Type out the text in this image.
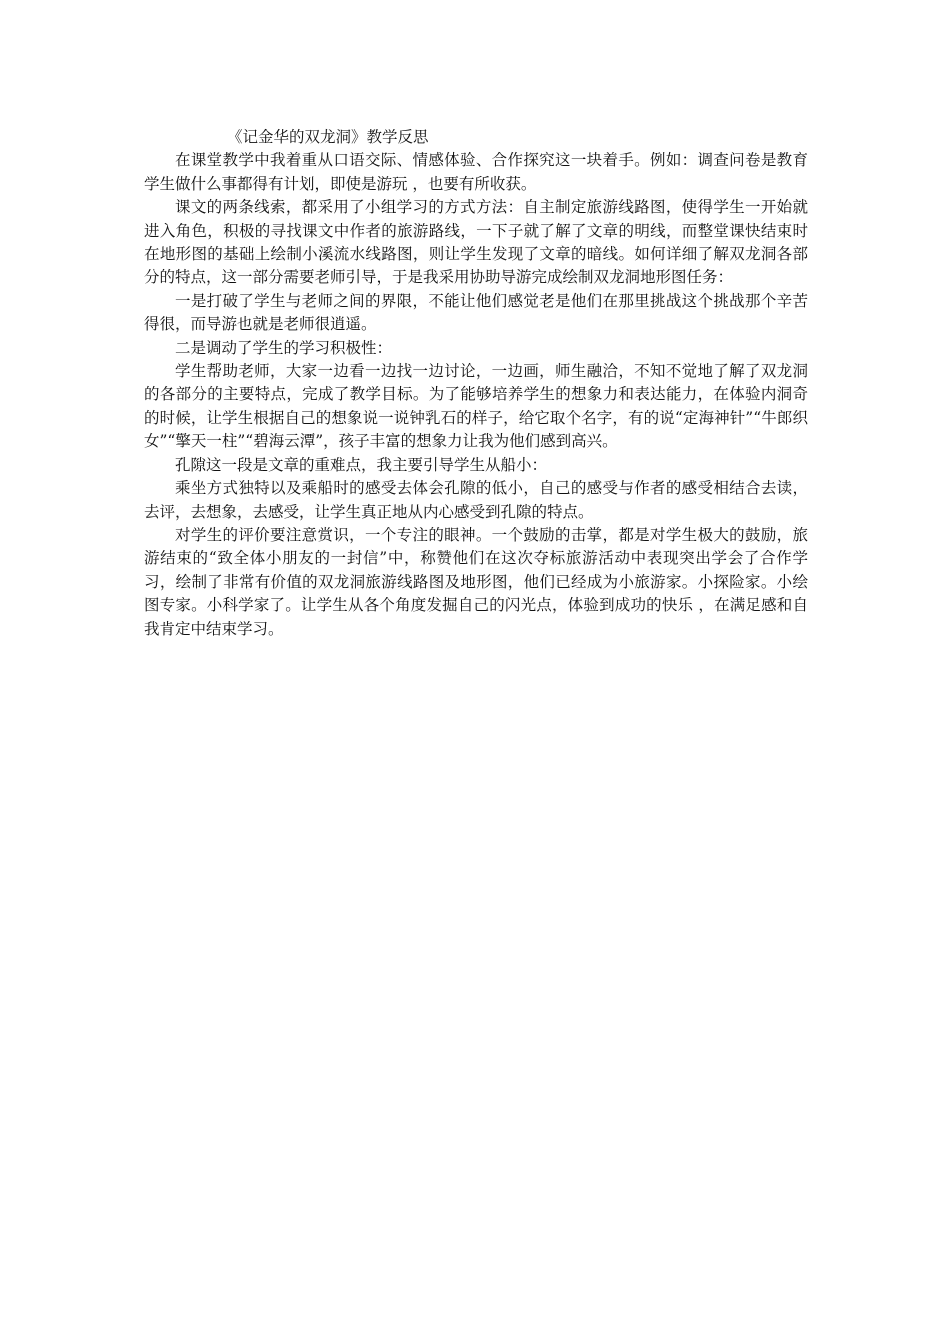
《记金华的双龙洞》教学反思

在课堂教学中我着重从口语交际、情感体验、合作探究这一块着手。例如：调查问卷是教育学生做什么事都得有计划，即使是游玩 ，也要有所收获。

课文的两条线索，都采用了小组学习的方式方法：自主制定旅游线路图，使得学生一开始就进入角色，积极的寻找课文中作者的旅游路线，一下子就了解了文章的明线，而整堂课快结束时在地形图的基础上绘制小溪流水线路图，则让学生发现了文章的暗线。如何详细了解双龙洞各部分的特点，这一部分需要老师引导，于是我采用协助导游完成绘制双龙洞地形图任务：

一是打破了学生与老师之间的界限，不能让他们感觉老是他们在那里挑战这个挑战那个辛苦得很，而导游也就是老师很逍遥。

二是调动了学生的学习积极性：

学生帮助老师，大家一边看一边找一边讨论，一边画，师生融洽，不知不觉地了解了双龙洞的各部分的主要特点，完成了教学目标。为了能够培养学生的想象力和表达能力，在体验内洞奇的时候，让学生根据自己的想象说一说钟乳石的样子，给它取个名字，有的说“定海神针”“牛郎织女”“擎天一柱”“碧海云潭”，孩子丰富的想象力让我为他们感到高兴。

孔隙这一段是文章的重难点，我主要引导学生从船小：

乘坐方式独特以及乘船时的感受去体会孔隙的低小，自己的感受与作者的感受相结合去读，去评，去想象，去感受，让学生真正地从内心感受到孔隙的特点。

对学生的评价要注意赏识，一个专注的眼神。一个鼓励的击掌，都是对学生极大的鼓励，旅游结束的“致全体小朋友的一封信”中，称赞他们在这次夺标旅游活动中表现突出学会了合作学习，绘制了非常有价值的双龙洞旅游线路图及地形图，他们已经成为小旅游家。小探险家。小绘图专家。小科学家了。让学生从各个角度发掘自己的闪光点，体验到成功的快乐 ，在满足感和自我肯定中结束学习。
